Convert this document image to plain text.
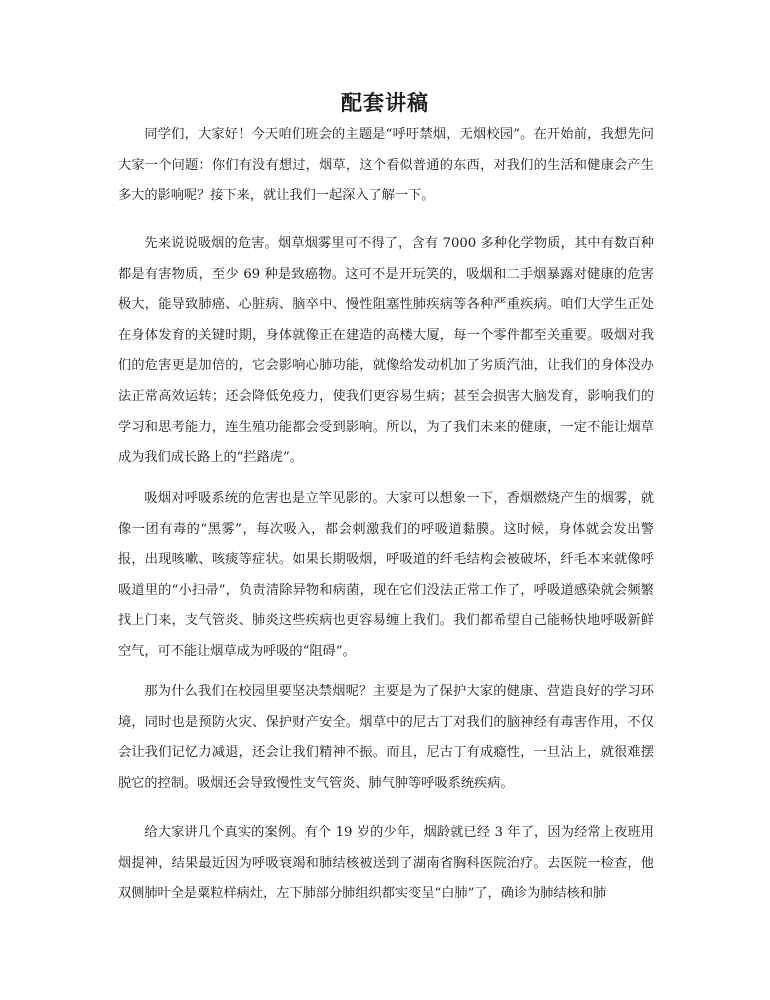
配套讲稿

同学们，大家好！今天咱们班会的主题是“呼吁禁烟，无烟校园”。在开始前，我想先问大家一个问题：你们有没有想过，烟草，这个看似普通的东西，对我们的生活和健康会产生多大的影响呢？接下来，就让我们一起深入了解一下。

先来说说吸烟的危害。烟草烟雾里可不得了，含有 7000 多种化学物质，其中有数百种都是有害物质，至少 69 种是致癌物。这可不是开玩笑的，吸烟和二手烟暴露对健康的危害极大，能导致肺癌、心脏病、脑卒中、慢性阻塞性肺疾病等各种严重疾病。咱们大学生正处在身体发育的关键时期，身体就像正在建造的高楼大厦，每一个零件都至关重要。吸烟对我们的危害更是加倍的，它会影响心肺功能，就像给发动机加了劣质汽油，让我们的身体没办法正常高效运转；还会降低免疫力，使我们更容易生病；甚至会损害大脑发育，影响我们的学习和思考能力，连生殖功能都会受到影响。所以，为了我们未来的健康，一定不能让烟草成为我们成长路上的“拦路虎”。

吸烟对呼吸系统的危害也是立竿见影的。大家可以想象一下，香烟燃烧产生的烟雾，就像一团有毒的“黑雾”，每次吸入，都会刺激我们的呼吸道黏膜。这时候，身体就会发出警报，出现咳嗽、咳痰等症状。如果长期吸烟，呼吸道的纤毛结构会被破坏，纤毛本来就像呼吸道里的“小扫帚”，负责清除异物和病菌，现在它们没法正常工作了，呼吸道感染就会频繁找上门来，支气管炎、肺炎这些疾病也更容易缠上我们。我们都希望自己能畅快地呼吸新鲜空气，可不能让烟草成为呼吸的“阻碍”。

那为什么我们在校园里要坚决禁烟呢？主要是为了保护大家的健康、营造良好的学习环境，同时也是预防火灾、保护财产安全。烟草中的尼古丁对我们的脑神经有毒害作用，不仅会让我们记忆力减退，还会让我们精神不振。而且，尼古丁有成瘾性，一旦沾上，就很难摆脱它的控制。吸烟还会导致慢性支气管炎、肺气肿等呼吸系统疾病。

给大家讲几个真实的案例。有个 19 岁的少年，烟龄就已经 3 年了，因为经常上夜班用烟提神，结果最近因为呼吸衰竭和肺结核被送到了湖南省胸科医院治疗。去医院一检查，他双侧肺叶全是粟粒样病灶，左下肺部分肺组织都实变呈“白肺”了，确诊为肺结核和肺
